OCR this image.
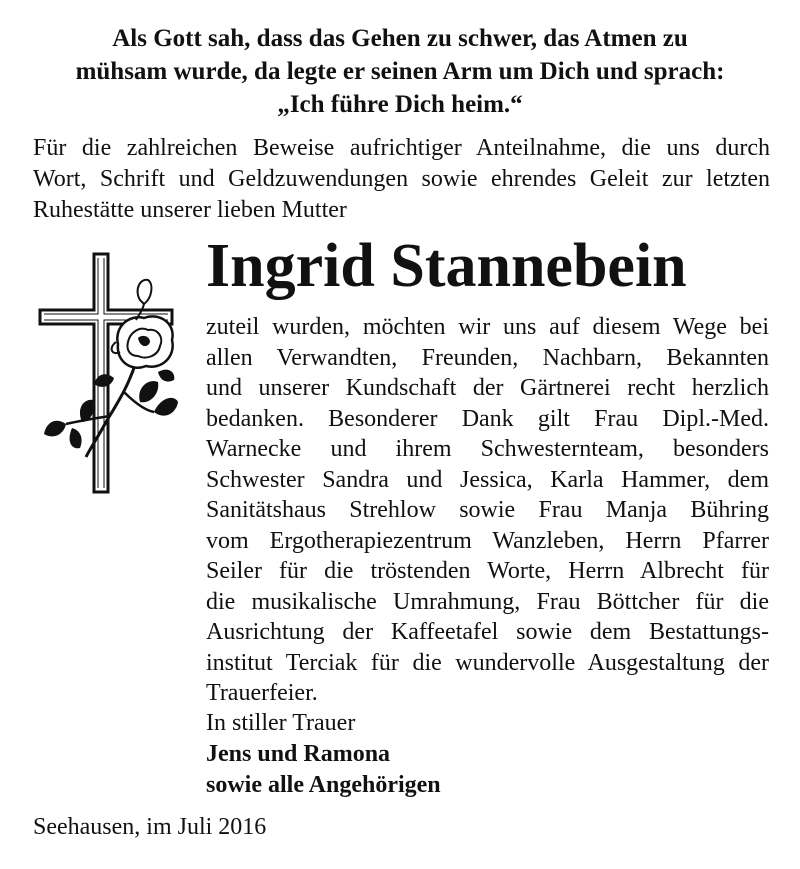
Als Gott sah, dass das Gehen zu schwer, das Atmen zu
mühsam wurde, da legte er seinen Arm um Dich und sprach:
„Ich führe Dich heim.“
Für die zahlreichen Beweise aufrichtiger Anteilnahme, die uns durch
Wort, Schrift und Geldzuwendungen sowie ehrendes Geleit zur letzten
Ruhestätte unserer lieben Mutter
Ingrid Stannebein
zuteil wurden, möchten wir uns auf diesem Wege bei
allen Verwandten, Freunden, Nachbarn, Bekannten
und unserer Kundschaft der Gärtnerei recht herzlich
bedanken. Besonderer Dank gilt Frau Dipl.-Med.
Warnecke und ihrem Schwesternteam, besonders
Schwester Sandra und Jessica, Karla Hammer, dem
Sanitätshaus Strehlow sowie Frau Manja Bühring
vom Ergotherapiezentrum Wanzleben, Herrn Pfarrer
Seiler für die tröstenden Worte, Herrn Albrecht für
die musikalische Umrahmung, Frau Böttcher für die
Ausrichtung der Kaffeetafel sowie dem Bestattungs-
institut Terciak für die wundervolle Ausgestaltung der
Trauerfeier.
In stiller Trauer
Jens und Ramona
sowie alle Angehörigen
Seehausen, im Juli 2016
